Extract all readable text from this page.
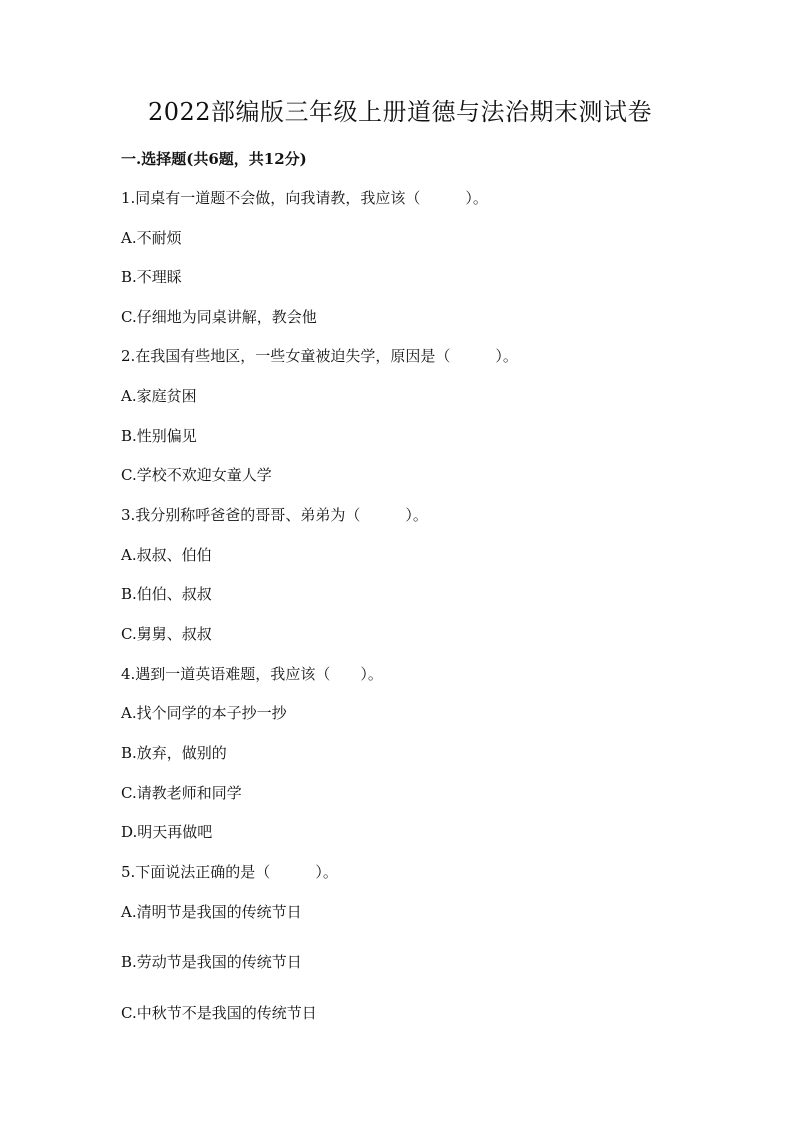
2022部编版三年级上册道德与法治期末测试卷

一.选择题(共6题，共12分)

1.同桌有一道题不会做，向我请教，我应该（　　　）。

A.不耐烦

B.不理睬

C.仔细地为同桌讲解，教会他

2.在我国有些地区，一些女童被迫失学，原因是（　　　）。

A.家庭贫困

B.性别偏见

C.学校不欢迎女童人学

3.我分别称呼爸爸的哥哥、弟弟为（　　　）。

A.叔叔、伯伯

B.伯伯、叔叔

C.舅舅、叔叔

4.遇到一道英语难题，我应该（　　）。

A.找个同学的本子抄一抄

B.放弃，做别的

C.请教老师和同学

D.明天再做吧

5.下面说法正确的是（　　　）。

A.清明节是我国的传统节日

B.劳动节是我国的传统节日

C.中秋节不是我国的传统节日
